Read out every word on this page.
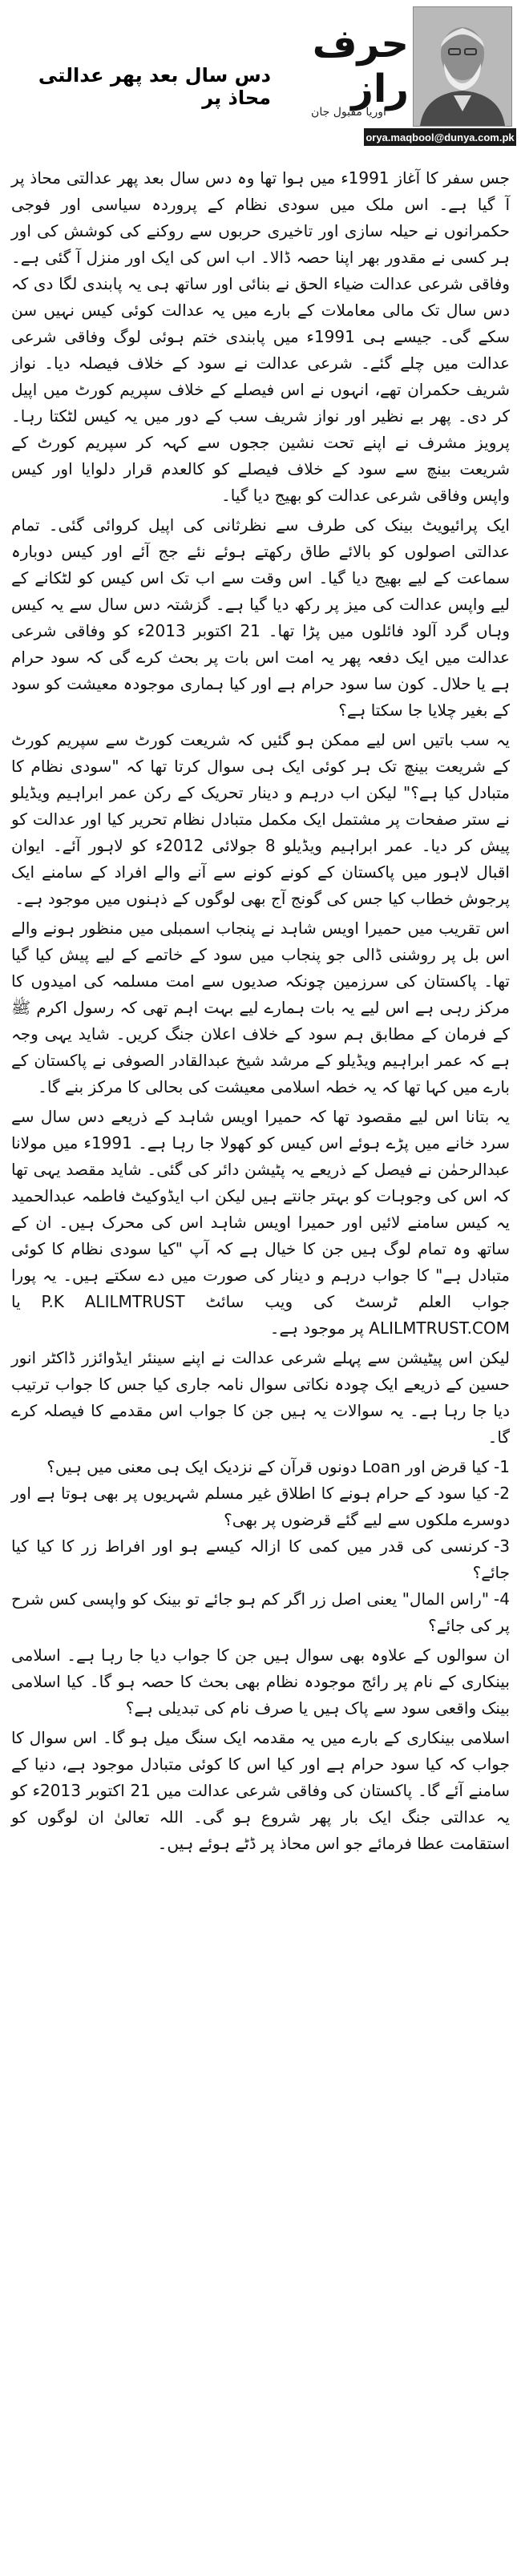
دس سال بعد پھر عدالتی محاذ پر
حرف راز
اوریا مقبول جان
orya.maqbool@dunya.com.pk

جس سفر کا آغاز 1991ء میں ہوا تھا وہ دس سال بعد پھر عدالتی محاذ پر آ گیا ہے۔ اس ملک میں سودی نظام کے پروردہ سیاسی اور فوجی حکمرانوں نے حیلہ سازی اور تاخیری حربوں سے روکنے کی کوشش کی اور ہر کسی نے مقدور بھر اپنا حصہ ڈالا۔ اب اس کی ایک اور منزل آ گئی ہے۔ وفاقی شرعی عدالت ضیاء الحق نے بنائی اور ساتھ ہی یہ پابندی لگا دی کہ دس سال تک مالی معاملات کے بارے میں یہ عدالت کوئی کیس نہیں سن سکے گی۔ جیسے ہی 1991ء میں پابندی ختم ہوئی لوگ وفاقی شرعی عدالت میں چلے گئے۔ شرعی عدالت نے سود کے خلاف فیصلہ دیا۔ نواز شریف حکمران تھے، انہوں نے اس فیصلے کے خلاف سپریم کورٹ میں اپیل کر دی۔ پھر بے نظیر اور نواز شریف سب کے دور میں یہ کیس لٹکتا رہا۔ پرویز مشرف نے اپنے تحت نشین ججوں سے کہہ کر سپریم کورٹ کے شریعت بینچ سے سود کے خلاف فیصلے کو کالعدم قرار دلوایا اور کیس واپس وفاقی شرعی عدالت کو بھیج دیا گیا۔

ایک پرائیویٹ بینک کی طرف سے نظرثانی کی اپیل کروائی گئی۔ تمام عدالتی اصولوں کو بالائے طاق رکھتے ہوئے نئے جج آئے اور کیس دوبارہ سماعت کے لیے بھیج دیا گیا۔ اس وقت سے اب تک اس کیس کو لٹکانے کے لیے واپس عدالت کی میز پر رکھ دیا گیا ہے۔ گزشتہ دس سال سے یہ کیس وہاں گرد آلود فائلوں میں پڑا تھا۔ 21 اکتوبر 2013ء کو وفاقی شرعی عدالت میں ایک دفعہ پھر یہ امت اس بات پر بحث کرے گی کہ سود حرام ہے یا حلال۔ کون سا سود حرام ہے اور کیا ہماری موجودہ معیشت کو سود کے بغیر چلایا جا سکتا ہے؟

یہ سب باتیں اس لیے ممکن ہو گئیں کہ شریعت کورٹ سے سپریم کورٹ کے شریعت بینچ تک ہر کوئی ایک ہی سوال کرتا تھا کہ "سودی نظام کا متبادل کیا ہے؟" لیکن اب درہم و دینار تحریک کے رکن عمر ابراہیم ویڈیلو نے ستر صفحات پر مشتمل ایک مکمل متبادل نظام تحریر کیا اور عدالت کو پیش کر دیا۔ عمر ابراہیم ویڈیلو 8 جولائی 2012ء کو لاہور آئے۔ ایوان اقبال لاہور میں پاکستان کے کونے کونے سے آنے والے افراد کے سامنے ایک پرجوش خطاب کیا جس کی گونج آج بھی لوگوں کے ذہنوں میں موجود ہے۔

اس تقریب میں حمیرا اویس شاہد نے پنجاب اسمبلی میں منظور ہونے والے اس بل پر روشنی ڈالی جو پنجاب میں سود کے خاتمے کے لیے پیش کیا گیا تھا۔ پاکستان کی سرزمین چونکہ صدیوں سے امت مسلمہ کی امیدوں کا مرکز رہی ہے اس لیے یہ بات ہمارے لیے بہت اہم تھی کہ رسول اکرم ﷺ کے فرمان کے مطابق ہم سود کے خلاف اعلان جنگ کریں۔ شاید یہی وجہ ہے کہ عمر ابراہیم ویڈیلو کے مرشد شیخ عبدالقادر الصوفی نے پاکستان کے بارے میں کہا تھا کہ یہ خطہ اسلامی معیشت کی بحالی کا مرکز بنے گا۔

یہ بتانا اس لیے مقصود تھا کہ حمیرا اویس شاہد کے ذریعے دس سال سے سرد خانے میں پڑے ہوئے اس کیس کو کھولا جا رہا ہے۔ 1991ء میں مولانا عبدالرحمٰن نے فیصل کے ذریعے یہ پٹیشن دائر کی گئی۔ شاید مقصد یہی تھا کہ اس کی وجوہات کو بہتر جانتے ہیں لیکن اب ایڈوکیٹ فاطمہ عبدالحمید یہ کیس سامنے لائیں اور حمیرا اویس شاہد اس کی محرک ہیں۔ ان کے ساتھ وہ تمام لوگ ہیں جن کا خیال ہے کہ آپ "کیا سودی نظام کا کوئی متبادل ہے" کا جواب درہم و دینار کی صورت میں دے سکتے ہیں۔ یہ پورا جواب العلم ٹرسٹ کی ویب سائٹ P.K ALILMTRUST یا ALILMTRUST.COM پر موجود ہے۔

لیکن اس پیٹیشن سے پہلے شرعی عدالت نے اپنے سینئر ایڈوائزر ڈاکٹر انور حسین کے ذریعے ایک چودہ نکاتی سوال نامہ جاری کیا جس کا جواب ترتیب دیا جا رہا ہے۔ یہ سوالات یہ ہیں جن کا جواب اس مقدمے کا فیصلہ کرے گا۔

1-کیا قرض اور Loan دونوں قرآن کے نزدیک ایک ہی معنی میں ہیں؟
2-کیا سود کے حرام ہونے کا اطلاق غیر مسلم شہریوں پر بھی ہوتا ہے اور دوسرے ملکوں سے لیے گئے قرضوں پر بھی؟
3-کرنسی کی قدر میں کمی کا ازالہ کیسے ہو اور افراط زر کا کیا کیا جائے؟
4-"راس المال" یعنی اصل زر اگر کم ہو جائے تو بینک کو واپسی کس شرح پر کی جائے؟

ان سوالوں کے علاوہ بھی سوال ہیں جن کا جواب دیا جا رہا ہے۔ اسلامی بینکاری کے نام پر رائج موجودہ نظام بھی بحث کا حصہ ہو گا۔ کیا اسلامی بینک واقعی سود سے پاک ہیں یا صرف نام کی تبدیلی ہے؟

اسلامی بینکاری کے بارے میں یہ مقدمہ ایک سنگ میل ہو گا۔ اس سوال کا جواب کہ کیا سود حرام ہے اور کیا اس کا کوئی متبادل موجود ہے، دنیا کے سامنے آئے گا۔ پاکستان کی وفاقی شرعی عدالت میں 21 اکتوبر 2013ء کو یہ عدالتی جنگ ایک بار پھر شروع ہو گی۔ اللہ تعالیٰ ان لوگوں کو استقامت عطا فرمائے جو اس محاذ پر ڈٹے ہوئے ہیں۔
